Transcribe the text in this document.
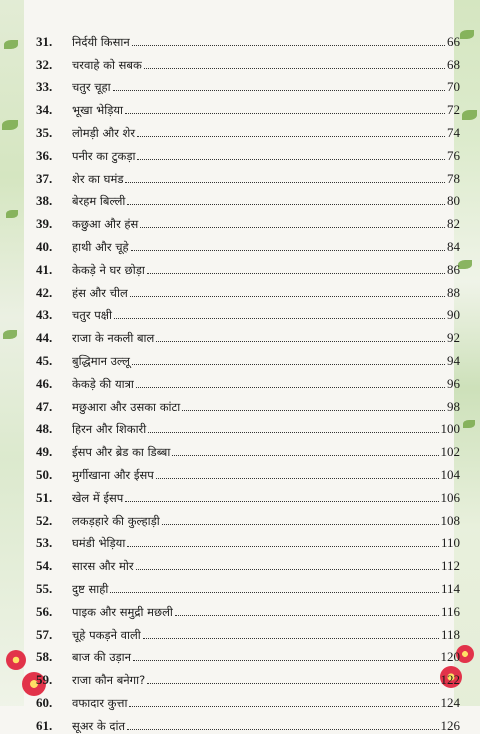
31.	निर्दयी किसान	66
32.	चरवाहे को सबक	68
33.	चतुर चूहा	70
34.	भूखा भेड़िया	72
35.	लोमड़ी और शेर	74
36.	पनीर का टुकड़ा	76
37.	शेर का घमंड	78
38.	बेरहम बिल्ली	80
39.	कछुआ और हंस	82
40.	हाथी और चूहे	84
41.	केकड़े ने घर छोड़ा	86
42.	हंस और चील	88
43.	चतुर पक्षी	90
44.	राजा के नकली बाल	92
45.	बुद्धिमान उल्लू	94
46.	केकड़े की यात्रा	96
47.	मछुआरा और उसका कांटा	98
48.	हिरन और शिकारी	100
49.	ईसप और ब्रेड का डिब्बा	102
50.	मुर्गीखाना और ईसप	104
51.	खेल में ईसप	106
52.	लकड़हारे की कुल्हाड़ी	108
53.	घमंडी भेड़िया	110
54.	सारस और मोर	112
55.	दुष्ट साही	114
56.	पाइक और समुद्री मछली	116
57.	चूहे पकड़ने वाली	118
58.	बाज की उड़ान	120
59.	राजा कौन बनेगा?	122
60.	वफादार कुत्ता	124
61.	सूअर के दांत	126
